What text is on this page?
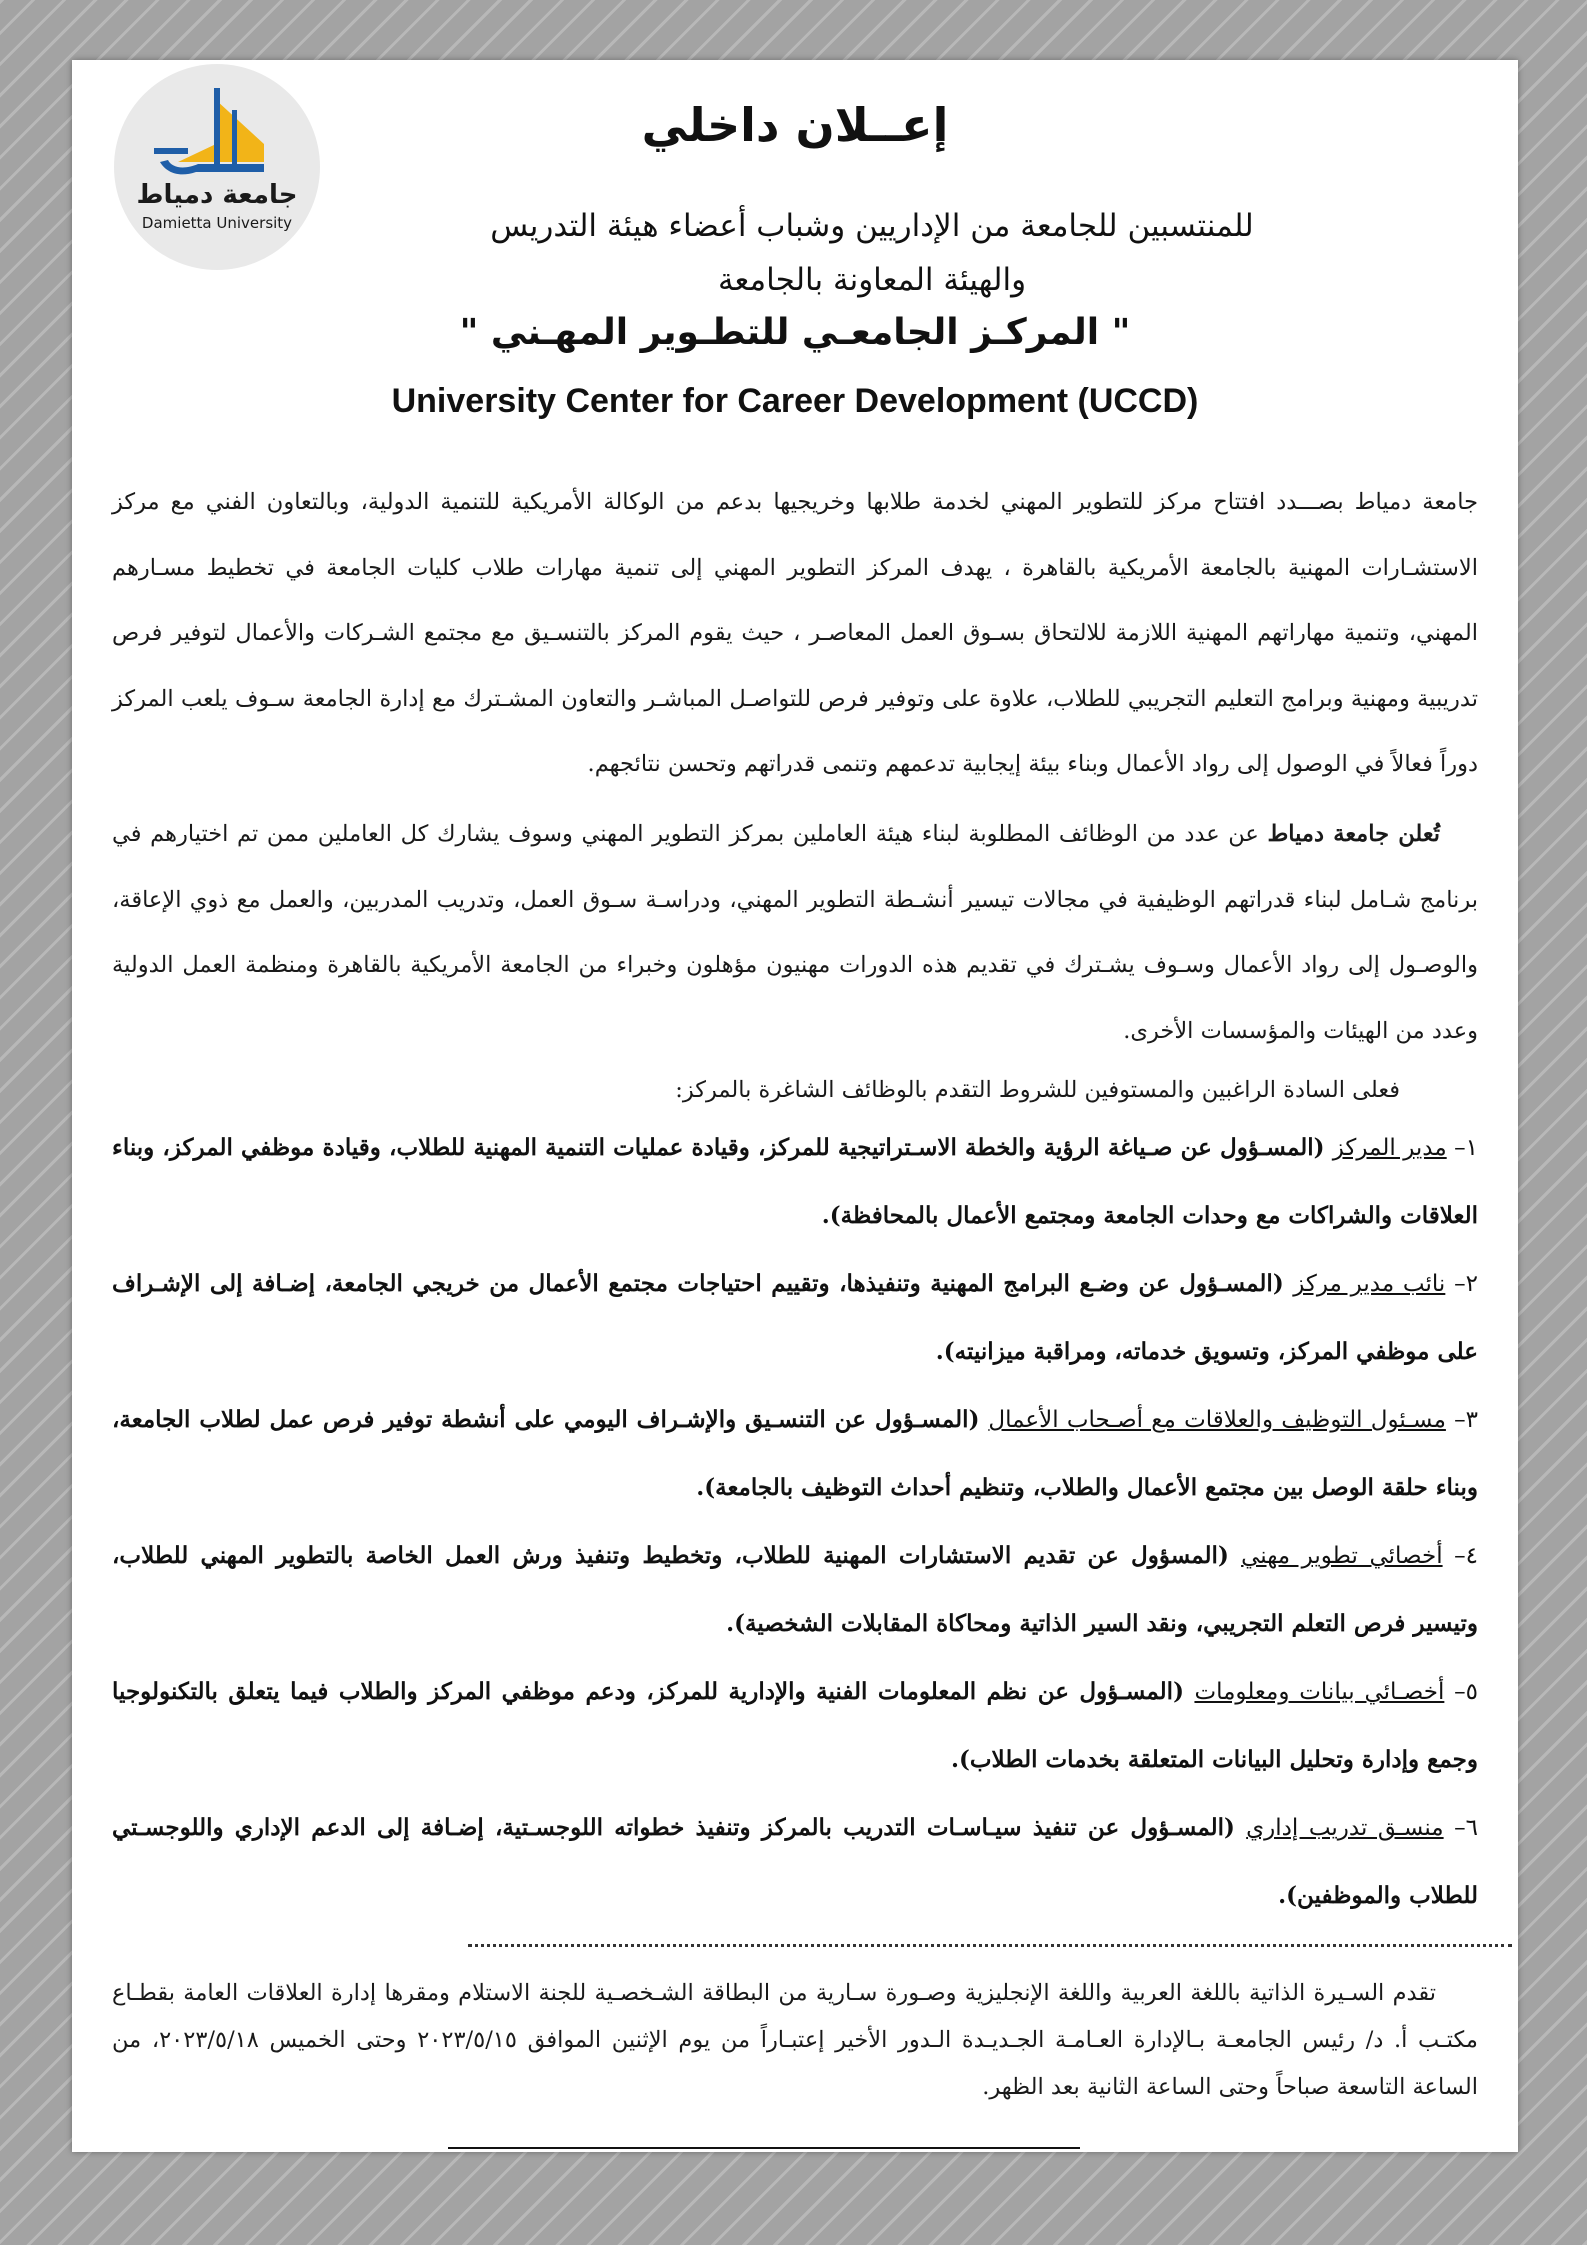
جامعة دمياط
Damietta University
إعــلان داخلي
للمنتسبين للجامعة من الإداريين وشباب أعضاء هيئة التدريس
والهيئة المعاونة بالجامعة
" المركـز الجامعـي للتطـوير المهـني "
University Center for Career Development (UCCD)
جامعة دمياط بصـــدد افتتاح مركز للتطوير المهني لخدمة طلابها وخريجيها بدعم من الوكالة الأمريكية للتنمية الدولية، وبالتعاون الفني مع مركز الاستشـارات المهنية بالجامعة الأمريكية بالقاهرة ، يهدف المركز التطوير المهني إلى تنمية مهارات طلاب كليات الجامعة في تخطيط مسـارهم المهني، وتنمية مهاراتهم المهنية اللازمة للالتحاق بسـوق العمل المعاصـر ، حيث يقوم المركز بالتنسـيق مع مجتمع الشـركات والأعمال لتوفير فرص تدريبية ومهنية وبرامج التعليم التجريبي للطلاب، علاوة على وتوفير فرص للتواصـل المباشـر والتعاون المشـترك مع إدارة الجامعة سـوف يلعب المركز دوراً فعالاً في الوصول إلى رواد الأعمال وبناء بيئة إيجابية تدعمهم وتنمى قدراتهم وتحسن نتائجهم.
تُعلن جامعة دمياط عن عدد من الوظائف المطلوبة لبناء هيئة العاملين بمركز التطوير المهني وسوف يشارك كل العاملين ممن تم اختيارهم في برنامج شـامل لبناء قدراتهم الوظيفية في مجالات تيسير أنشـطة التطوير المهني، ودراسـة سـوق العمل، وتدريب المدربين، والعمل مع ذوي الإعاقة، والوصـول إلى رواد الأعمال وسـوف يشـترك في تقديم هذه الدورات مهنيون مؤهلون وخبراء من الجامعة الأمريكية بالقاهرة ومنظمة العمل الدولية وعدد من الهيئات والمؤسسات الأخرى.
فعلى السادة الراغبين والمستوفين للشروط التقدم بالوظائف الشاغرة بالمركز:
١– مدير المركز (المسـؤول عن صـياغة الرؤية والخطة الاسـتراتيجية للمركز، وقيادة عمليات التنمية المهنية للطلاب، وقيادة موظفي المركز، وبناء العلاقات والشراكات مع وحدات الجامعة ومجتمع الأعمال بالمحافظة).
٢– نائب مدير مركز (المسـؤول عن وضـع البرامج المهنية وتنفيذها، وتقييم احتياجات مجتمع الأعمال من خريجي الجامعة، إضـافة إلى الإشـراف على موظفي المركز، وتسويق خدماته، ومراقبة ميزانيته).
٣– مسـئول التوظيف والعلاقات مع أصـحاب الأعمال (المسـؤول عن التنسـيق والإشـراف اليومي على أنشطة توفير فرص عمل لطلاب الجامعة، وبناء حلقة الوصل بين مجتمع الأعمال والطلاب، وتنظيم أحداث التوظيف بالجامعة).
٤– أخصائي تطوير مهني (المسؤول عن تقديم الاستشارات المهنية للطلاب، وتخطيط وتنفيذ ورش العمل الخاصة بالتطوير المهني للطلاب، وتيسير فرص التعلم التجريبي، ونقد السير الذاتية ومحاكاة المقابلات الشخصية).
٥– أخصـائي بيانات ومعلومات (المسـؤول عن نظم المعلومات الفنية والإدارية للمركز، ودعم موظفي المركز والطلاب فيما يتعلق بالتكنولوجيا وجمع وإدارة وتحليل البيانات المتعلقة بخدمات الطلاب).
٦– منسـق تدريب إداري (المسـؤول عن تنفيذ سيـاسـات التدريب بالمركز وتنفيذ خطواته اللوجسـتية، إضـافة إلى الدعم الإداري واللوجسـتي للطلاب والموظفين).
تقدم السـيرة الذاتية باللغة العربية واللغة الإنجليزية وصـورة سـارية من البطاقة الشـخصـية للجنة الاستلام ومقرها إدارة العلاقات العامة بقطـاع مكتـب أ. د/ رئيس الجامعـة بـالإدارة العـامـة الجـديـدة الـدور الأخير إعتبـاراً من يوم الإثنين الموافق ٢٠٢٣/٥/١٥ وحتى الخميس ٢٠٢٣/٥/١٨، من الساعة التاسعة صباحاً وحتى الساعة الثانية بعد الظهر.
